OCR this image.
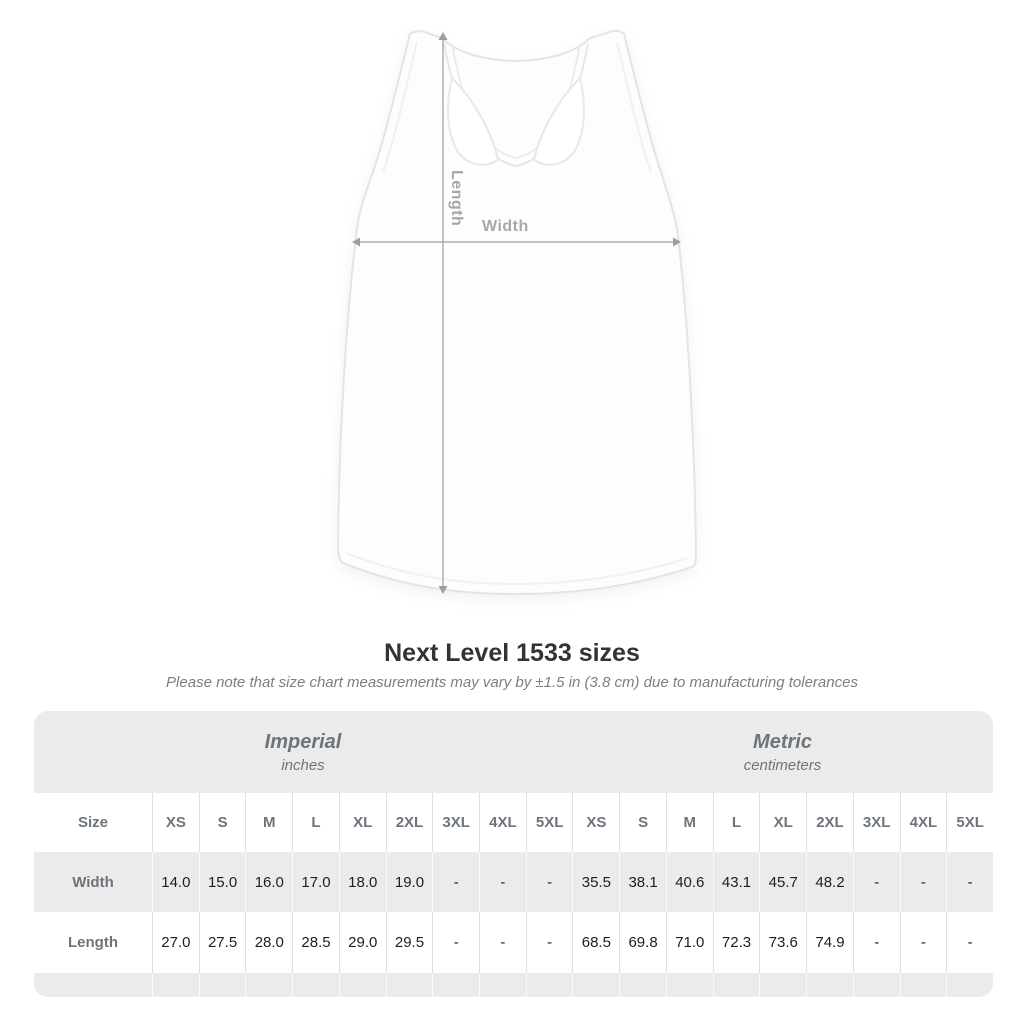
Length
Width
Next Level 1533 sizes
Please note that size chart measurements may vary by ±1.5 in (3.8 cm) due to manufacturing tolerances
Imperial
inches
Metric
centimeters
Size	XS	S	M	L	XL	2XL	3XL	4XL	5XL	XS	S	M	L	XL	2XL	3XL	4XL	5XL
Width	14.0	15.0	16.0	17.0	18.0	19.0	-	-	-	35.5	38.1	40.6	43.1	45.7	48.2	-	-	-
Length	27.0	27.5	28.0	28.5	29.0	29.5	-	-	-	68.5	69.8	71.0	72.3	73.6	74.9	-	-	-
